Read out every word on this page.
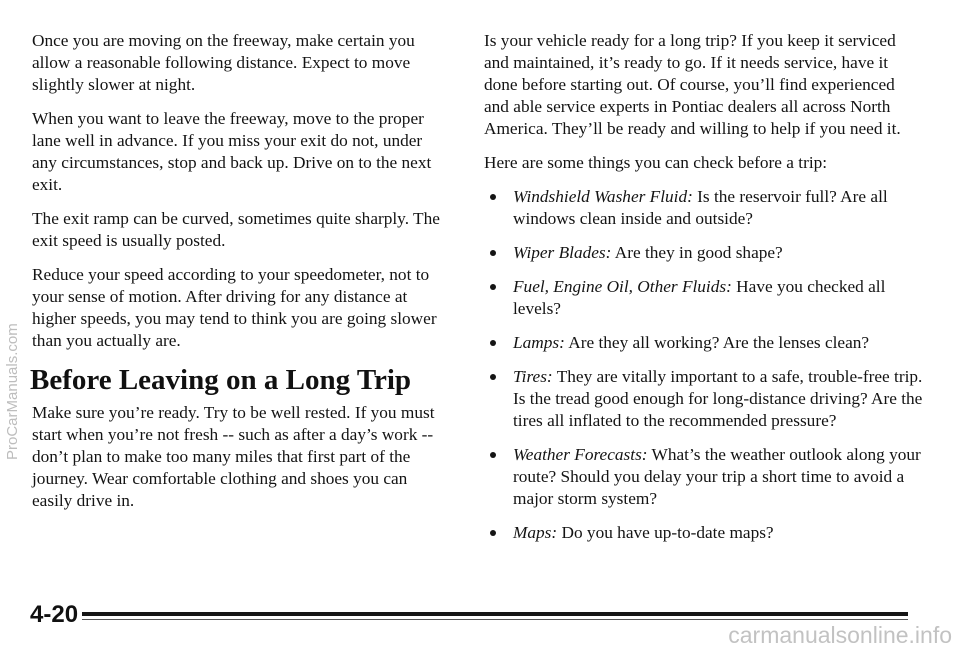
ProCarManuals.com

Once you are moving on the freeway, make certain you allow a reasonable following distance. Expect to move slightly slower at night.

When you want to leave the freeway, move to the proper lane well in advance. If you miss your exit do not, under any circumstances, stop and back up. Drive on to the next exit.

The exit ramp can be curved, sometimes quite sharply. The exit speed is usually posted.

Reduce your speed according to your speedometer, not to your sense of motion. After driving for any distance at higher speeds, you may tend to think you are going slower than you actually are.

Before Leaving on a Long Trip

Make sure you’re ready. Try to be well rested. If you must start when you’re not fresh -- such as after a day’s work -- don’t plan to make too many miles that first part of the journey. Wear comfortable clothing and shoes you can easily drive in.

Is your vehicle ready for a long trip? If you keep it serviced and maintained, it’s ready to go. If it needs service, have it done before starting out. Of course, you’ll find experienced and able service experts in Pontiac dealers all across North America. They’ll be ready and willing to help if you need it.

Here are some things you can check before a trip:

Windshield Washer Fluid: Is the reservoir full? Are all windows clean inside and outside?
Wiper Blades: Are they in good shape?
Fuel, Engine Oil, Other Fluids: Have you checked all levels?
Lamps: Are they all working? Are the lenses clean?
Tires: They are vitally important to a safe, trouble-free trip. Is the tread good enough for long-distance driving? Are the tires all inflated to the recommended pressure?
Weather Forecasts: What’s the weather outlook along your route? Should you delay your trip a short time to avoid a major storm system?
Maps: Do you have up-to-date maps?
4-20
carmanualsonline.info
